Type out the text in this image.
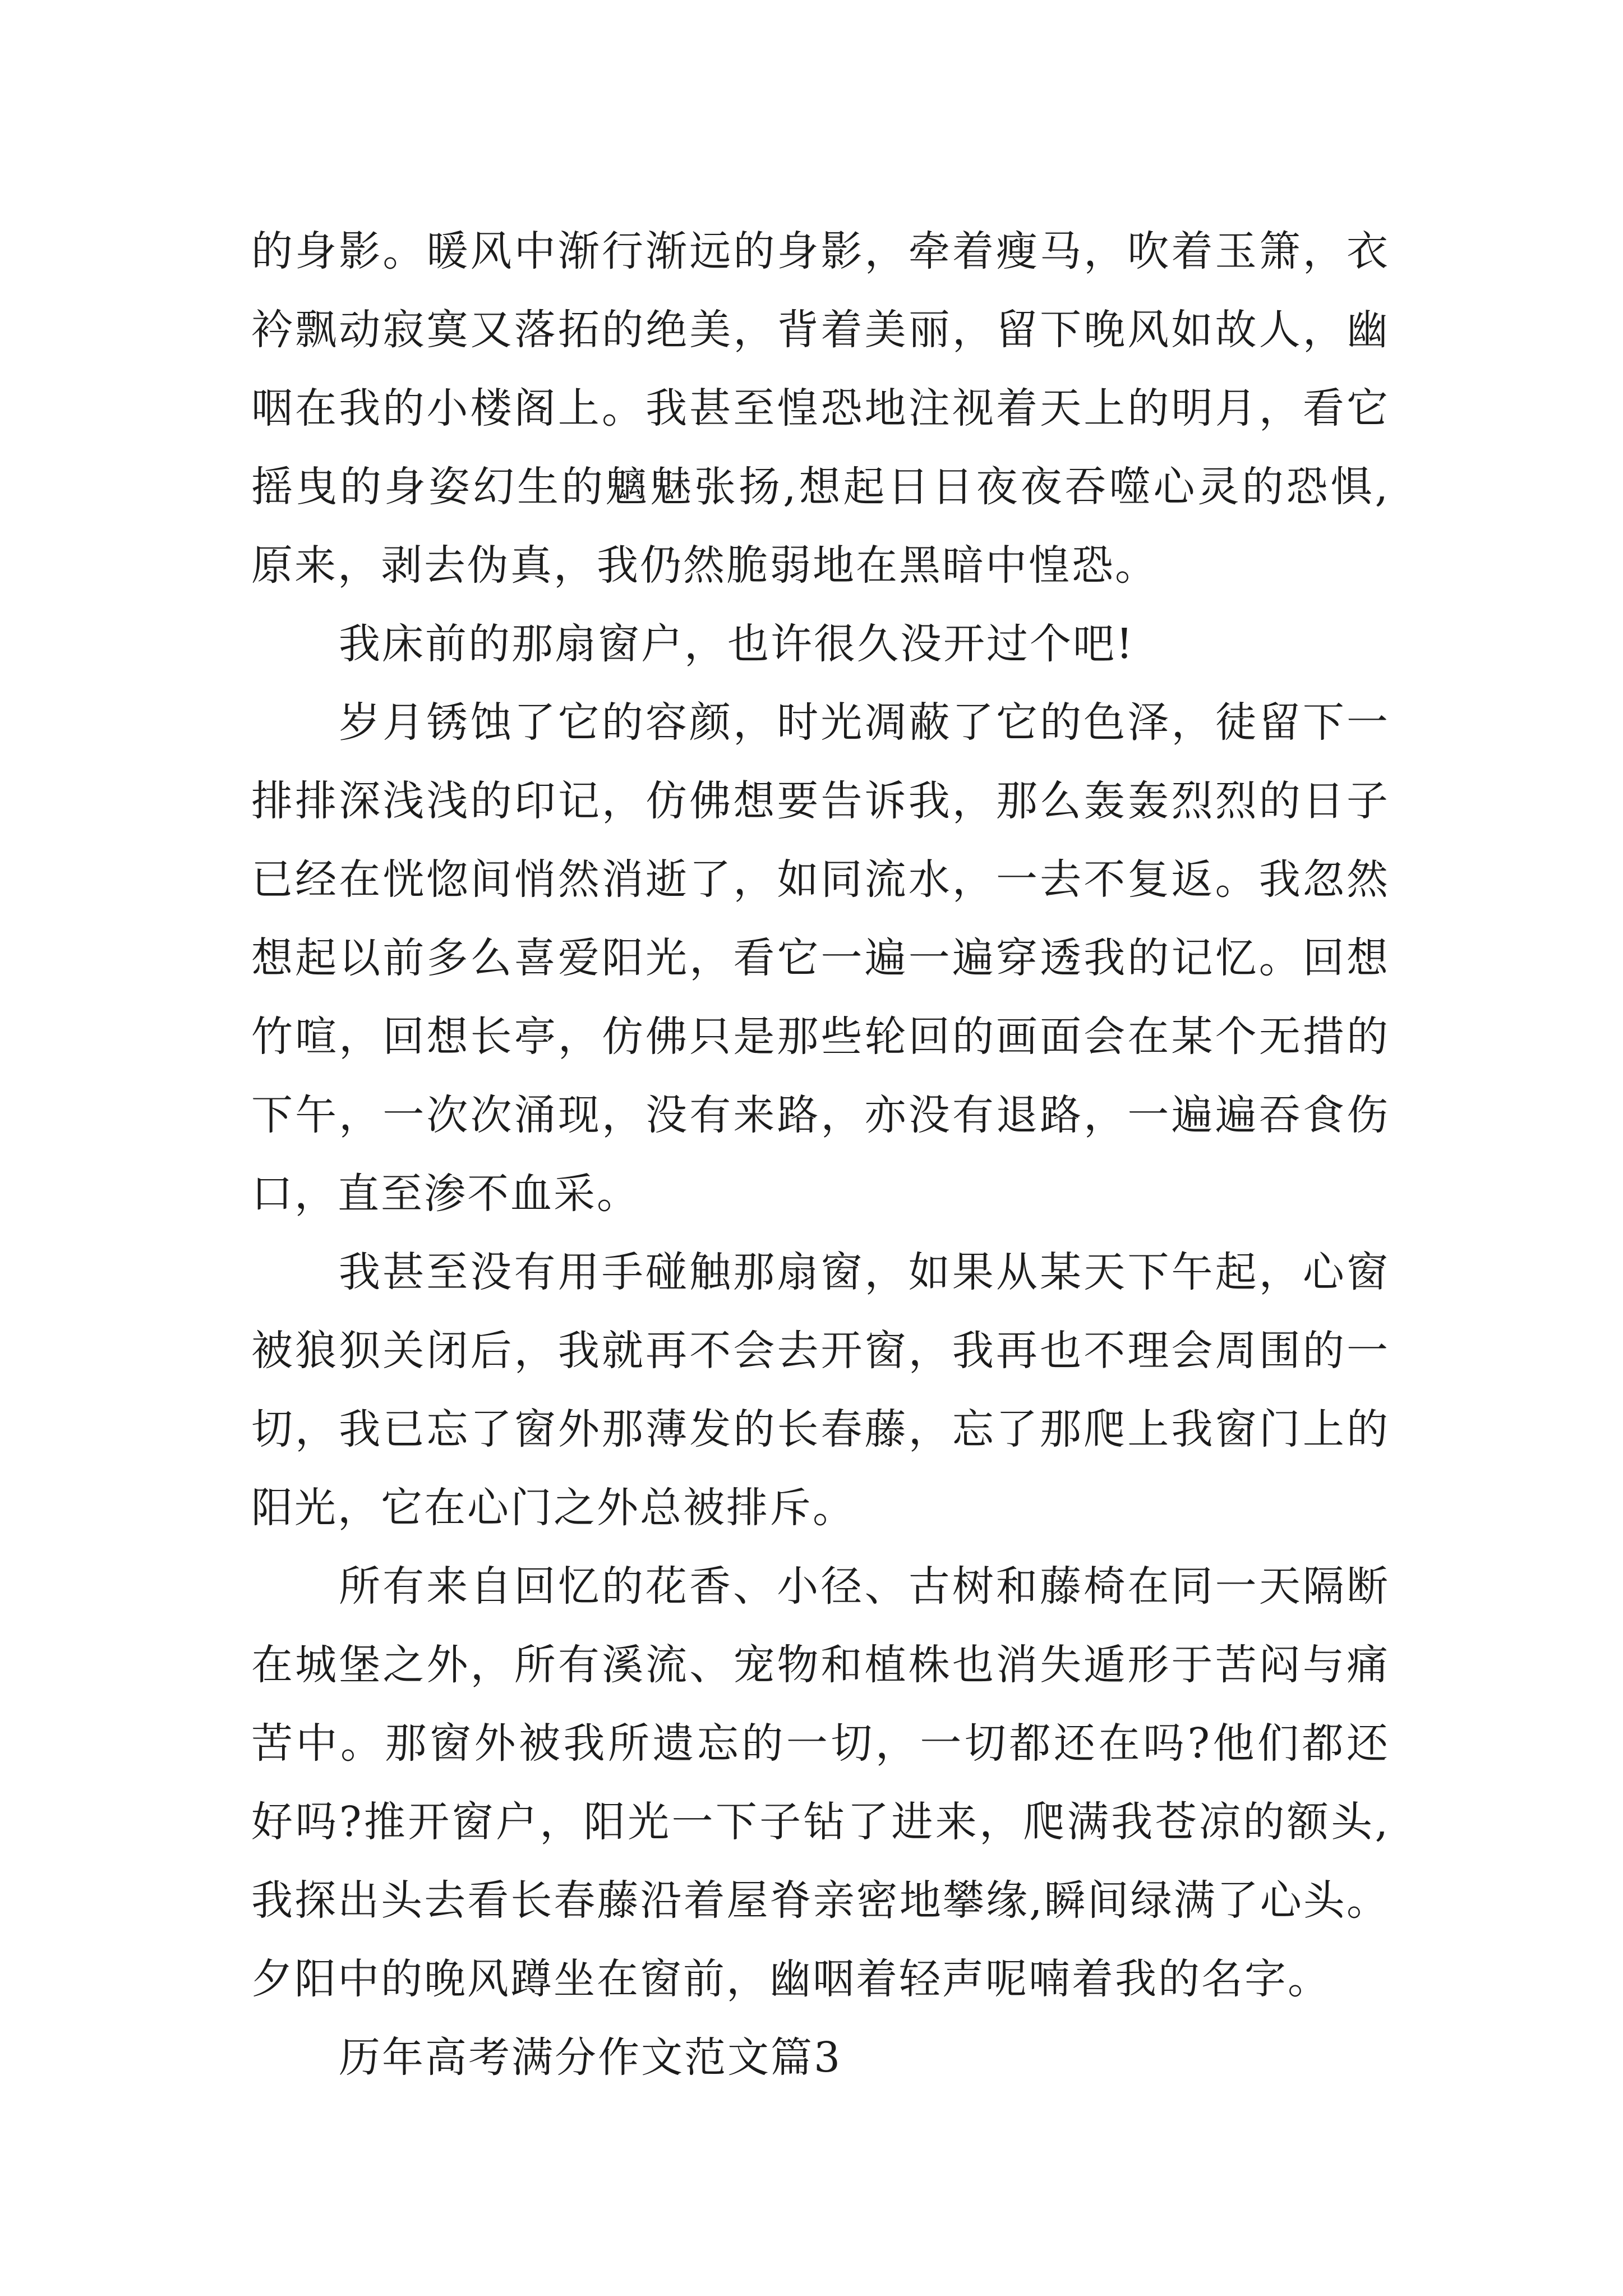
的身影。暖风中渐行渐远的身影，牵着瘦马，吹着玉箫，衣衿飘动寂寞又落拓的绝美，背着美丽，留下晚风如故人，幽咽在我的小楼阁上。我甚至惶恐地注视着天上的明月，看它摇曳的身姿幻生的魑魅张扬,想起日日夜夜吞噬心灵的恐惧,原来，剥去伪真，我仍然脆弱地在黑暗中惶恐。

我床前的那扇窗户，也许很久没开过个吧!

岁月锈蚀了它的容颜，时光凋蔽了它的色泽，徒留下一排排深浅浅的印记，仿佛想要告诉我，那么轰轰烈烈的日子已经在恍惚间悄然消逝了，如同流水，一去不复返。我忽然想起以前多么喜爱阳光，看它一遍一遍穿透我的记忆。回想竹喧，回想长亭，仿佛只是那些轮回的画面会在某个无措的下午，一次次涌现，没有来路，亦没有退路，一遍遍吞食伤口，直至渗不血采。

我甚至没有用手碰触那扇窗，如果从某天下午起，心窗被狼狈关闭后，我就再不会去开窗，我再也不理会周围的一切，我已忘了窗外那薄发的长春藤，忘了那爬上我窗门上的阳光，它在心门之外总被排斥。

所有来自回忆的花香、小径、古树和藤椅在同一天隔断在城堡之外，所有溪流、宠物和植株也消失遁形于苦闷与痛苦中。那窗外被我所遗忘的一切，一切都还在吗?他们都还好吗?推开窗户，阳光一下子钻了进来，爬满我苍凉的额头,我探出头去看长春藤沿着屋脊亲密地攀缘,瞬间绿满了心头。夕阳中的晚风蹲坐在窗前，幽咽着轻声呢喃着我的名字。

历年高考满分作文范文篇3
